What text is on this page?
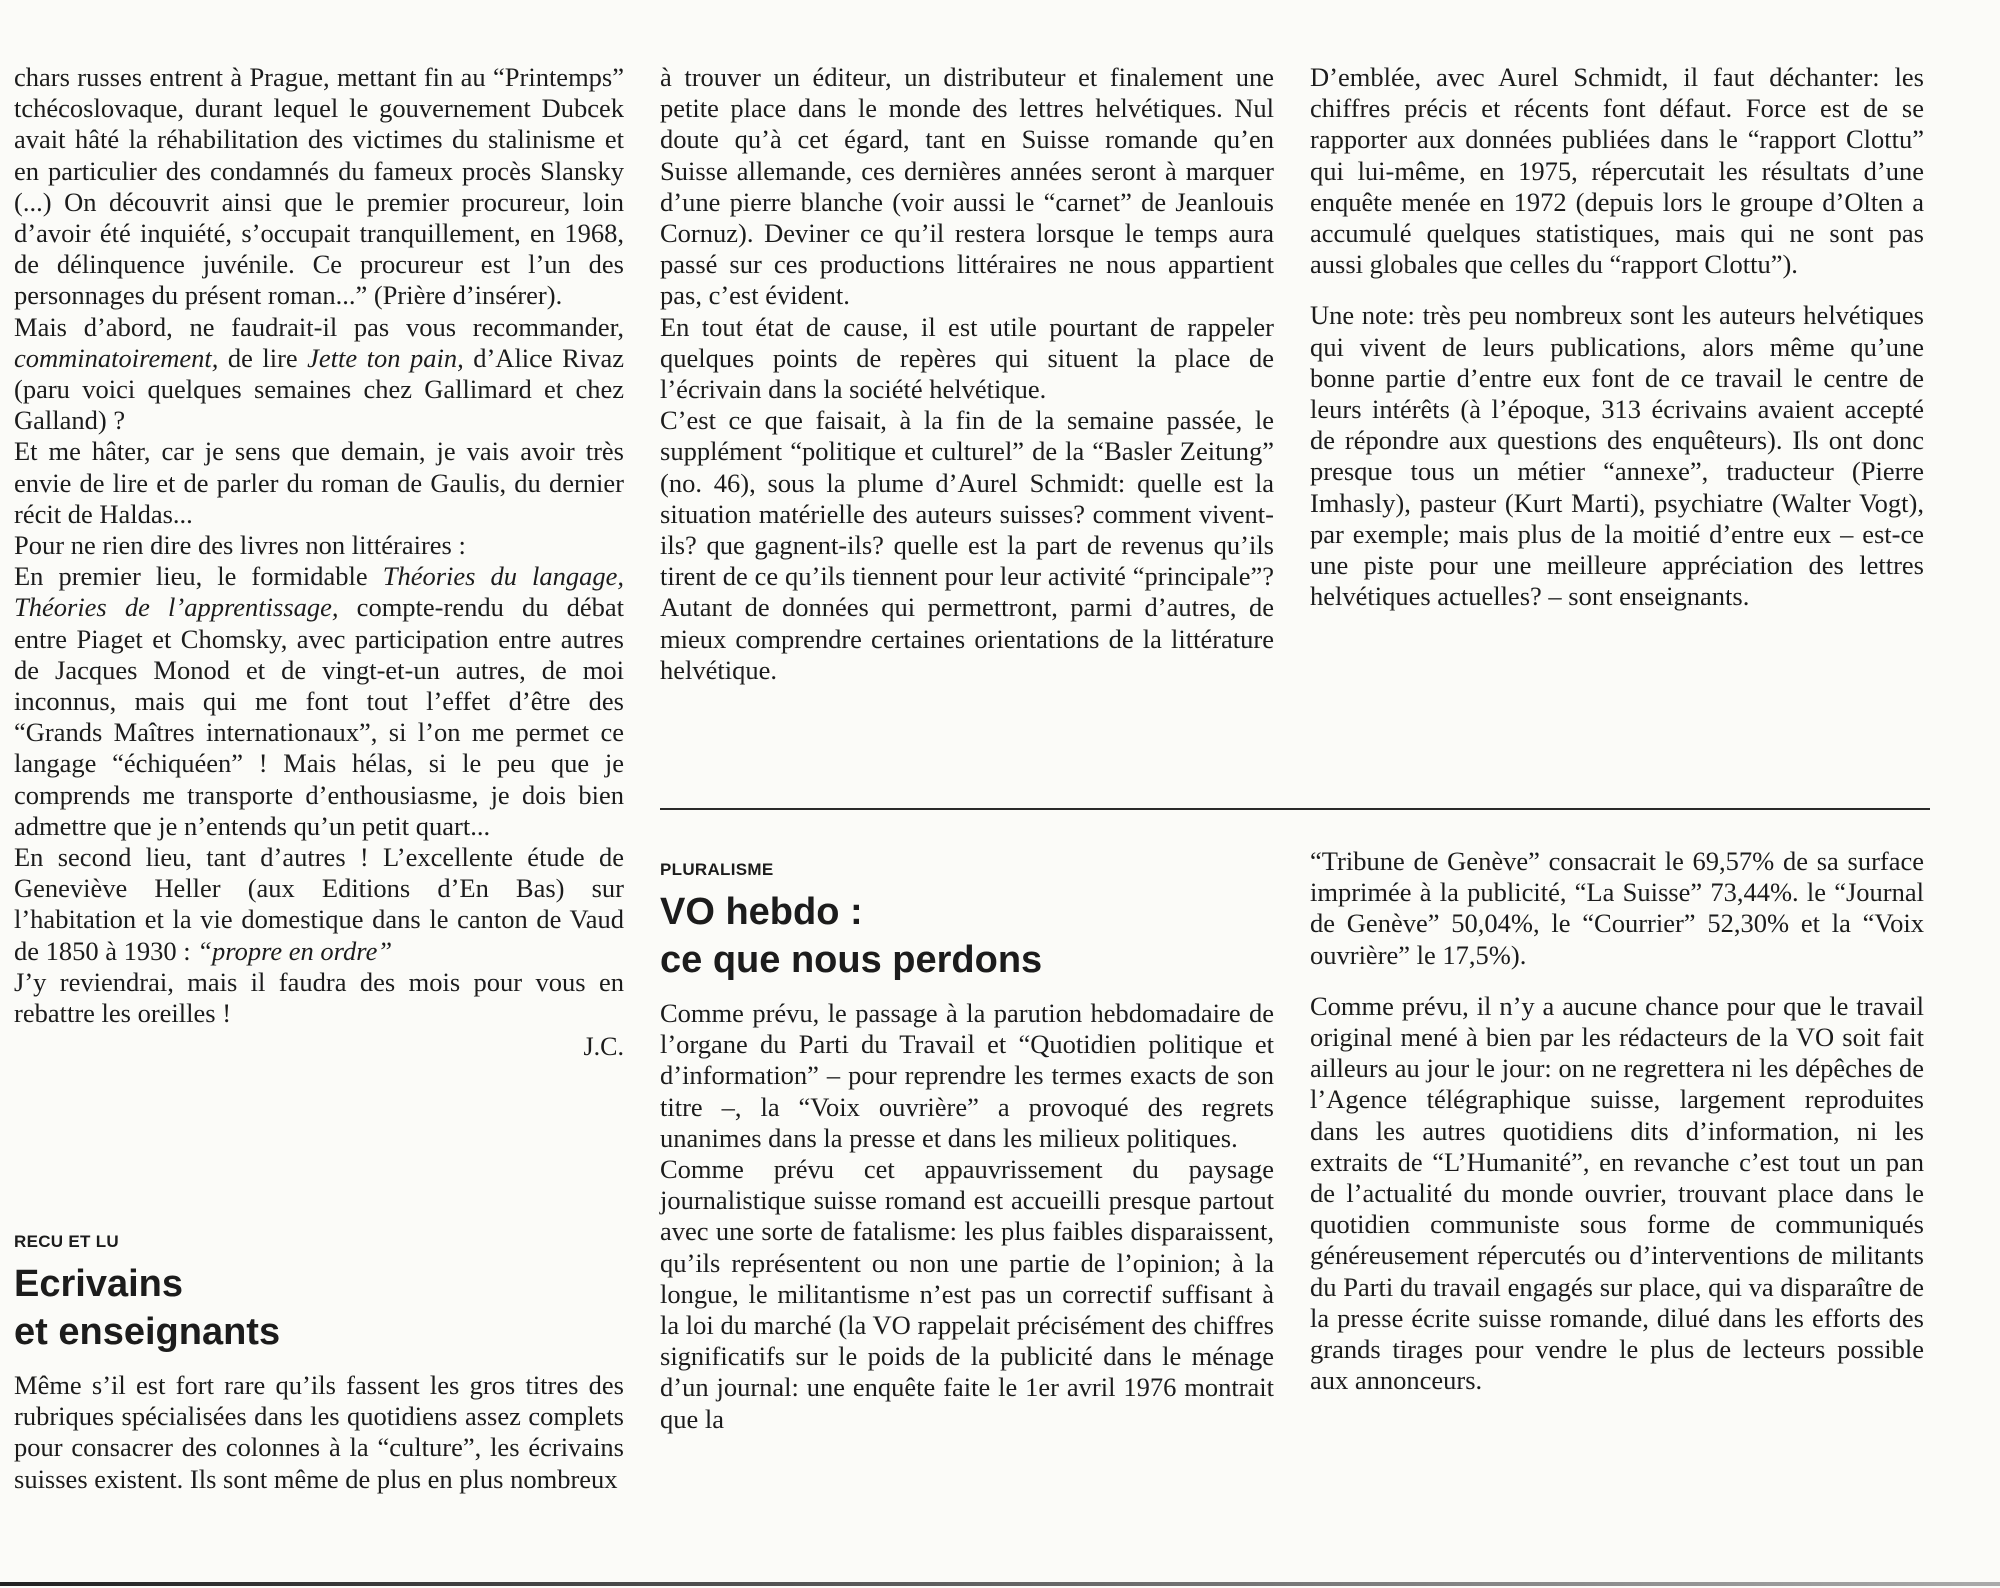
chars russes entrent à Prague, mettant fin au “Printemps” tchécoslovaque, durant lequel le gouvernement Dubcek avait hâté la réhabilitation des victimes du stalinisme et en particulier des condamnés du fameux procès Slansky (...) On découvrit ainsi que le premier procureur, loin d’avoir été inquiété, s’occupait tranquillement, en 1968, de délinquence juvénile. Ce procureur est l’un des personnages du présent roman...” (Prière d’insérer).

Mais d’abord, ne faudrait-il pas vous recommander, comminatoirement, de lire Jette ton pain, d’Alice Rivaz (paru voici quelques semaines chez Gallimard et chez Galland) ?

Et me hâter, car je sens que demain, je vais avoir très envie de lire et de parler du roman de Gaulis, du dernier récit de Haldas...

Pour ne rien dire des livres non littéraires :

En premier lieu, le formidable Théories du langage, Théories de l’apprentissage, compte-rendu du débat entre Piaget et Chomsky, avec participation entre autres de Jacques Monod et de vingt-et-un autres, de moi inconnus, mais qui me font tout l’effet d’être des “Grands Maîtres internationaux”, si l’on me permet ce langage “échiquéen” ! Mais hélas, si le peu que je comprends me transporte d’enthousiasme, je dois bien admettre que je n’entends qu’un petit quart...

En second lieu, tant d’autres ! L’excellente étude de Geneviève Heller (aux Editions d’En Bas) sur l’habitation et la vie domestique dans le canton de Vaud de 1850 à 1930 : “propre en ordre”

J’y reviendrai, mais il faudra des mois pour vous en rebattre les oreilles !

J.C.

RECU ET LU
Ecrivains
et enseignants

Même s’il est fort rare qu’ils fassent les gros titres des rubriques spécialisées dans les quotidiens assez complets pour consacrer des colonnes à la “culture”, les écrivains suisses existent. Ils sont même de plus en plus nombreux

à trouver un éditeur, un distributeur et finalement une petite place dans le monde des lettres helvétiques. Nul doute qu’à cet égard, tant en Suisse romande qu’en Suisse allemande, ces dernières années seront à marquer d’une pierre blanche (voir aussi le “carnet” de Jeanlouis Cornuz). Deviner ce qu’il restera lorsque le temps aura passé sur ces productions littéraires ne nous appartient pas, c’est évident.

En tout état de cause, il est utile pourtant de rappeler quelques points de repères qui situent la place de l’écrivain dans la société helvétique.

C’est ce que faisait, à la fin de la semaine passée, le supplément “politique et culturel” de la “Basler Zeitung” (no. 46), sous la plume d’Aurel Schmidt: quelle est la situation matérielle des auteurs suisses? comment vivent-ils? que gagnent-ils? quelle est la part de revenus qu’ils tirent de ce qu’ils tiennent pour leur activité “principale”? Autant de données qui permettront, parmi d’autres, de mieux comprendre certaines orientations de la littérature helvétique.

D’emblée, avec Aurel Schmidt, il faut déchanter: les chiffres précis et récents font défaut. Force est de se rapporter aux données publiées dans le “rapport Clottu” qui lui-même, en 1975, répercutait les résultats d’une enquête menée en 1972 (depuis lors le groupe d’Olten a accumulé quelques statistiques, mais qui ne sont pas aussi globales que celles du “rapport Clottu”).

Une note: très peu nombreux sont les auteurs helvétiques qui vivent de leurs publications, alors même qu’une bonne partie d’entre eux font de ce travail le centre de leurs intérêts (à l’époque, 313 écrivains avaient accepté de répondre aux questions des enquêteurs). Ils ont donc presque tous un métier “annexe”, traducteur (Pierre Imhasly), pasteur (Kurt Marti), psychiatre (Walter Vogt), par exemple; mais plus de la moitié d’entre eux – est-ce une piste pour une meilleure appréciation des lettres helvétiques actuelles? – sont enseignants.

PLURALISME
VO hebdo :
ce que nous perdons

Comme prévu, le passage à la parution hebdomadaire de l’organe du Parti du Travail et “Quotidien politique et d’information” – pour reprendre les termes exacts de son titre –, la “Voix ouvrière” a provoqué des regrets unanimes dans la presse et dans les milieux politiques.

Comme prévu cet appauvrissement du paysage journalistique suisse romand est accueilli presque partout avec une sorte de fatalisme: les plus faibles disparaissent, qu’ils représentent ou non une partie de l’opinion; à la longue, le militantisme n’est pas un correctif suffisant à la loi du marché (la VO rappelait précisément des chiffres significatifs sur le poids de la publicité dans le ménage d’un journal: une enquête faite le 1er avril 1976 montrait que la

“Tribune de Genève” consacrait le 69,57% de sa surface imprimée à la publicité, “La Suisse” 73,44%. le “Journal de Genève” 50,04%, le “Courrier” 52,30% et la “Voix ouvrière” le 17,5%).

Comme prévu, il n’y a aucune chance pour que le travail original mené à bien par les rédacteurs de la VO soit fait ailleurs au jour le jour: on ne regrettera ni les dépêches de l’Agence télégraphique suisse, largement reproduites dans les autres quotidiens dits d’information, ni les extraits de “L’Humanité”, en revanche c’est tout un pan de l’actualité du monde ouvrier, trouvant place dans le quotidien communiste sous forme de communiqués généreusement répercutés ou d’interventions de militants du Parti du travail engagés sur place, qui va disparaître de la presse écrite suisse romande, dilué dans les efforts des grands tirages pour vendre le plus de lecteurs possible aux annonceurs.
